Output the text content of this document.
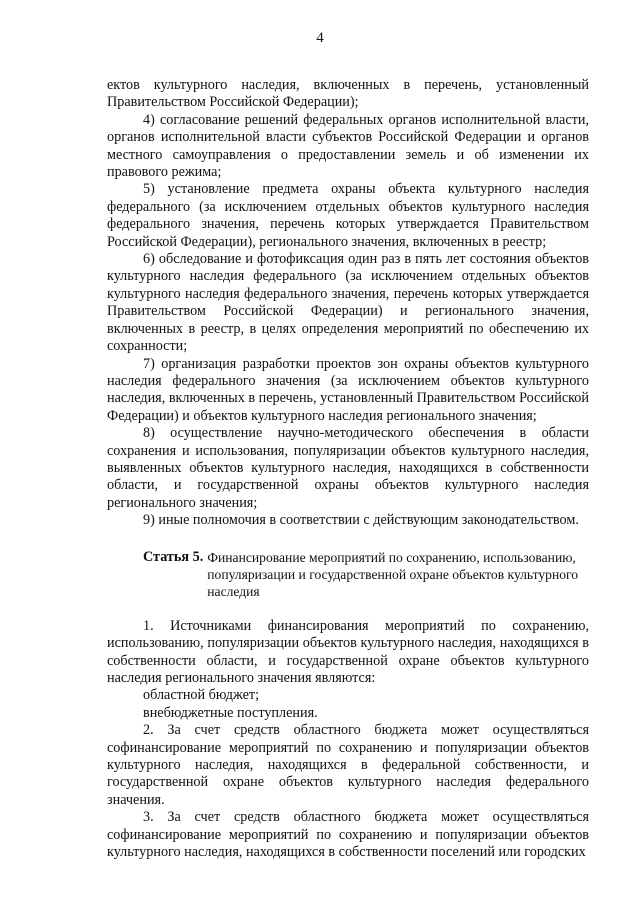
4

ектов культурного наследия, включенных в перечень, установленный Правительством Российской Федерации);

4) согласование решений федеральных органов исполнительной власти, органов исполнительной власти субъектов Российской Федерации и органов местного самоуправления о предоставлении земель и об изменении их правового режима;

5) установление предмета охраны объекта культурного наследия федерального (за исключением отдельных объектов культурного наследия федерального значения, перечень которых утверждается Правительством Российской Федерации), регионального значения, включенных в реестр;

6) обследование и фотофиксация один раз в пять лет состояния объектов культурного наследия федерального (за исключением отдельных объектов культурного наследия федерального значения, перечень которых утверждается Правительством Российской Федерации) и регионального значения, включенных в реестр, в целях определения мероприятий по обеспечению их сохранности;

7) организация разработки проектов зон охраны объектов культурного наследия федерального значения (за исключением объектов культурного наследия, включенных в перечень, установленный Правительством Российской Федерации) и объектов культурного наследия регионального значения;

8) осуществление научно-методического обеспечения в области сохранения и использования, популяризации объектов культурного наследия, выявленных объектов культурного наследия, находящихся в собственности области, и государственной охраны объектов культурного наследия регионального значения;

9) иные полномочия в соответствии с действующим законодательством.

Статья 5. Финансирование мероприятий по сохранению, использованию, популяризации и государственной охране объектов культурного наследия

1. Источниками финансирования мероприятий по сохранению, использованию, популяризации объектов культурного наследия, находящихся в собственности области, и государственной охране объектов культурного наследия регионального значения являются:

областной бюджет;

внебюджетные поступления.

2. За счет средств областного бюджета может осуществляться софинансирование мероприятий по сохранению и популяризации объектов культурного наследия, находящихся в федеральной собственности, и государственной охране объектов культурного наследия федерального значения.

3. За счет средств областного бюджета может осуществляться софинансирование мероприятий по сохранению и популяризации объектов культурного наследия, находящихся в собственности поселений или городских
